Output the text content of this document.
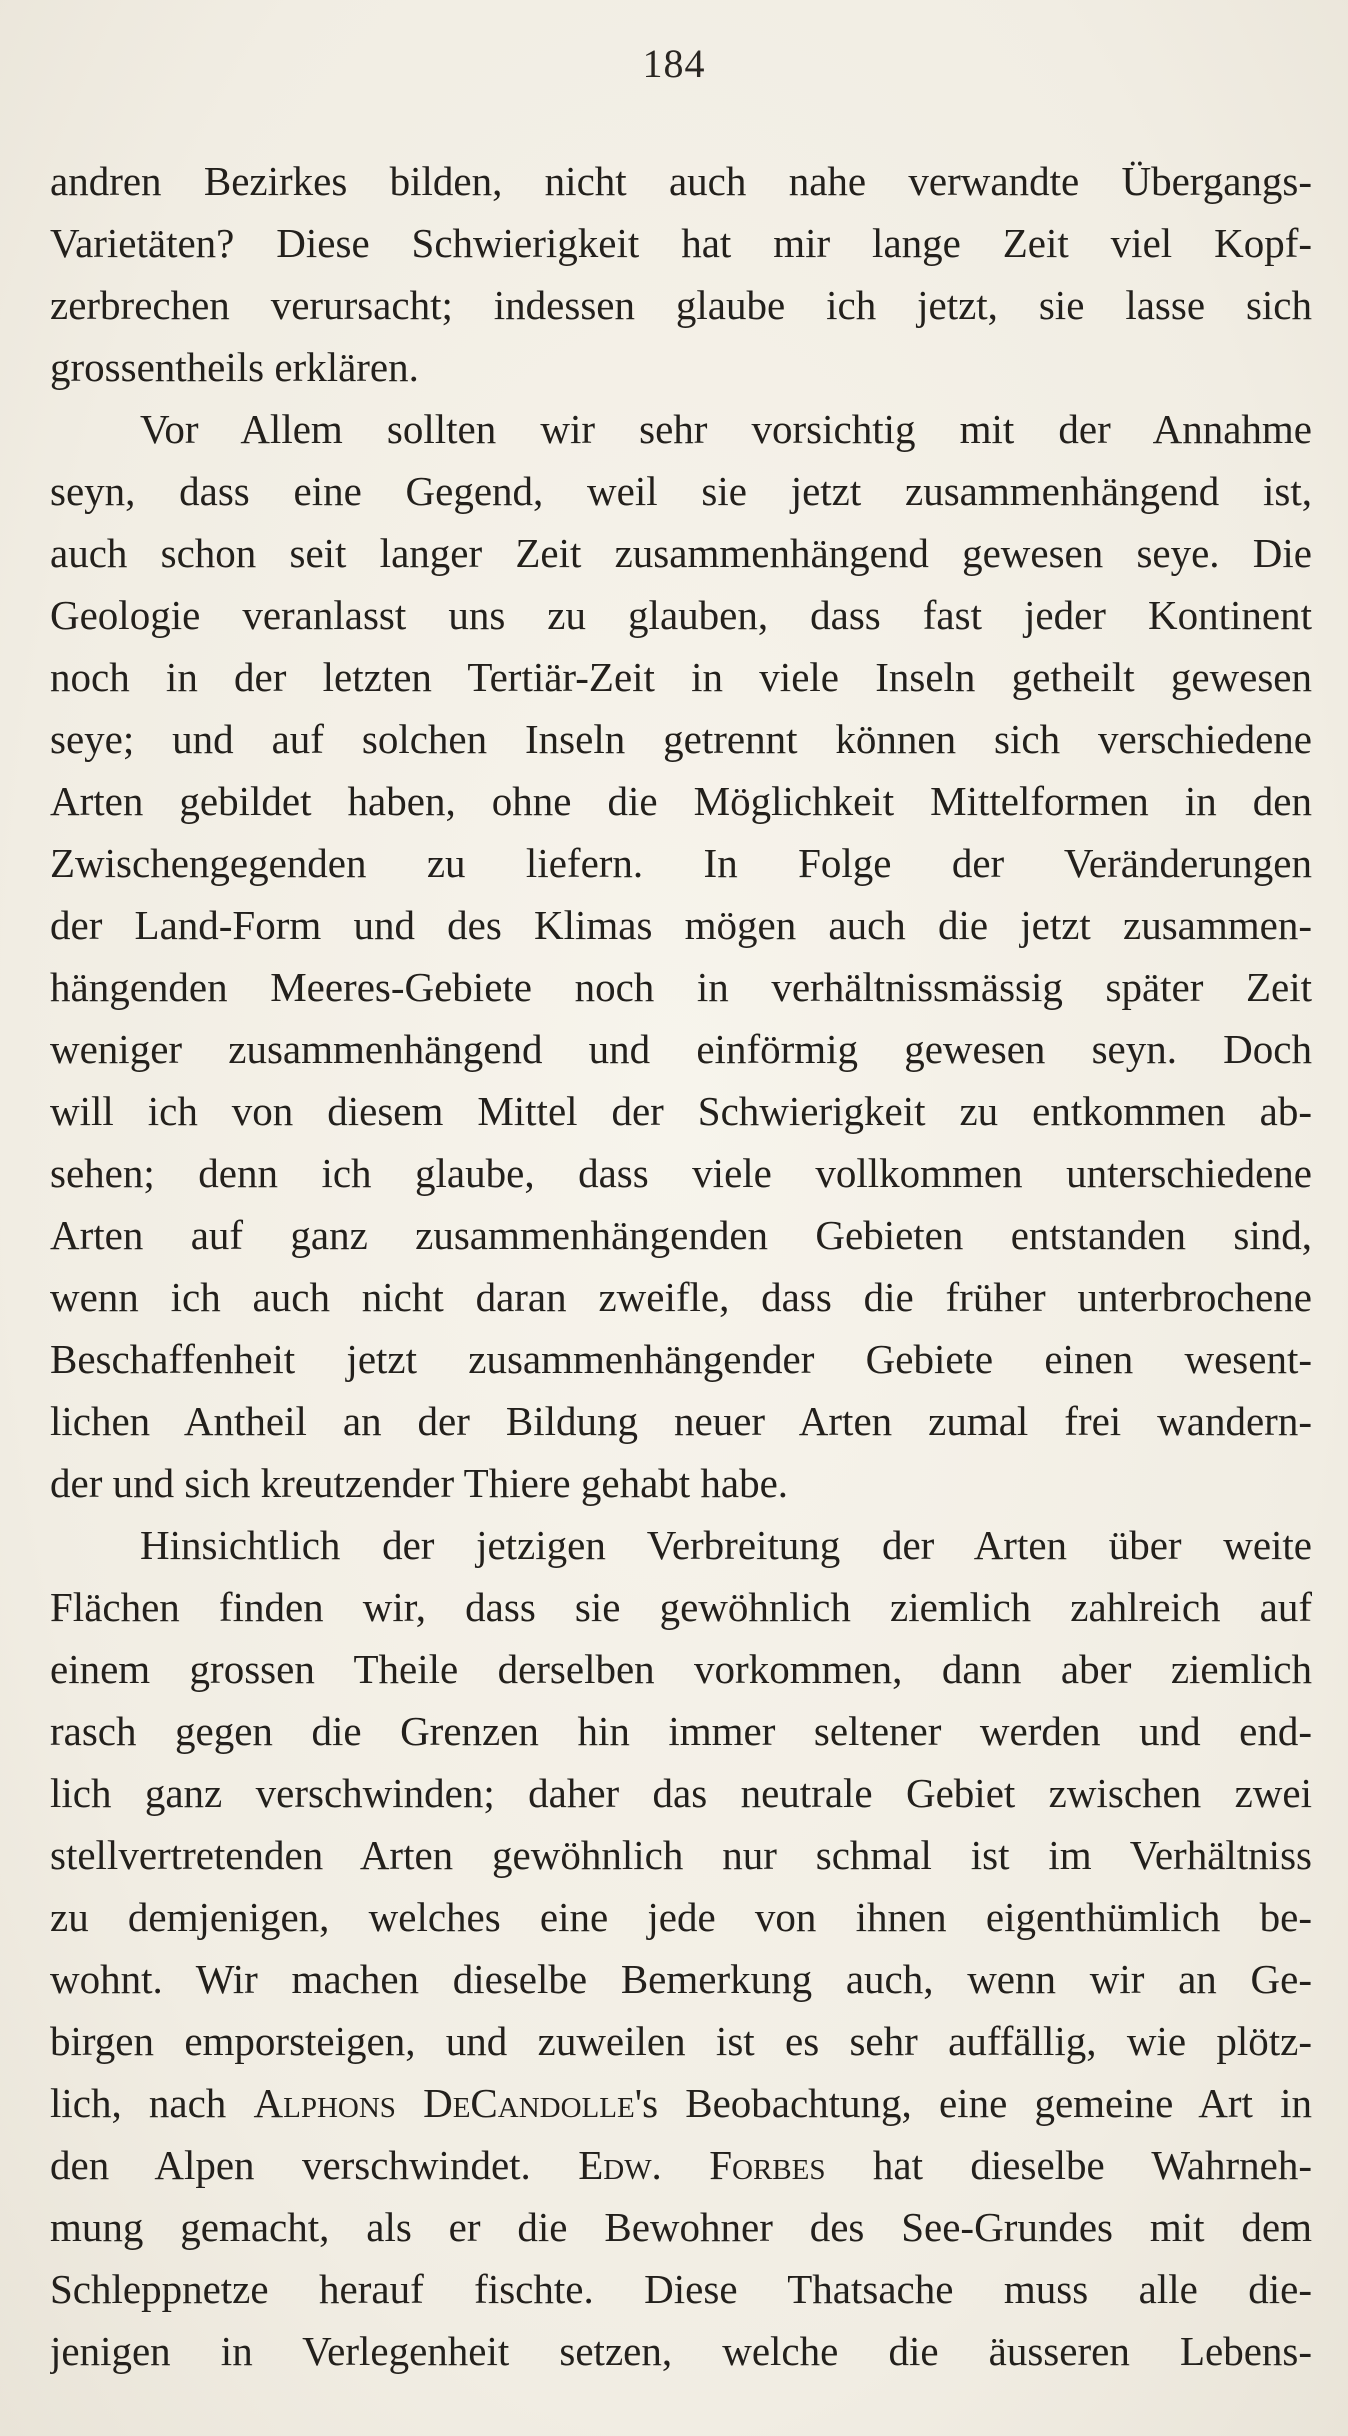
184
andren Bezirkes bilden, nicht auch nahe verwandte Übergangs-
Varietäten? Diese Schwierigkeit hat mir lange Zeit viel Kopf-
zerbrechen verursacht; indessen glaube ich jetzt, sie lasse sich
grossentheils erklären.
Vor Allem sollten wir sehr vorsichtig mit der Annahme
seyn, dass eine Gegend, weil sie jetzt zusammenhängend ist,
auch schon seit langer Zeit zusammenhängend gewesen seye. Die
Geologie veranlasst uns zu glauben, dass fast jeder Kontinent
noch in der letzten Tertiär-Zeit in viele Inseln getheilt gewesen
seye; und auf solchen Inseln getrennt können sich verschiedene
Arten gebildet haben, ohne die Möglichkeit Mittelformen in den
Zwischengegenden zu liefern. In Folge der Veränderungen
der Land-Form und des Klimas mögen auch die jetzt zusammen-
hängenden Meeres-Gebiete noch in verhältnissmässig später Zeit
weniger zusammenhängend und einförmig gewesen seyn. Doch
will ich von diesem Mittel der Schwierigkeit zu entkommen ab-
sehen; denn ich glaube, dass viele vollkommen unterschiedene
Arten auf ganz zusammenhängenden Gebieten entstanden sind,
wenn ich auch nicht daran zweifle, dass die früher unterbrochene
Beschaffenheit jetzt zusammenhängender Gebiete einen wesent-
lichen Antheil an der Bildung neuer Arten zumal frei wandern-
der und sich kreutzender Thiere gehabt habe.
Hinsichtlich der jetzigen Verbreitung der Arten über weite
Flächen finden wir, dass sie gewöhnlich ziemlich zahlreich auf
einem grossen Theile derselben vorkommen, dann aber ziemlich
rasch gegen die Grenzen hin immer seltener werden und end-
lich ganz verschwinden; daher das neutrale Gebiet zwischen zwei
stellvertretenden Arten gewöhnlich nur schmal ist im Verhältniss
zu demjenigen, welches eine jede von ihnen eigenthümlich be-
wohnt. Wir machen dieselbe Bemerkung auch, wenn wir an Ge-
birgen emporsteigen, und zuweilen ist es sehr auffällig, wie plötz-
lich, nach Alphons DeCandolle's Beobachtung, eine gemeine Art in
den Alpen verschwindet. Edw. Forbes hat dieselbe Wahrneh-
mung gemacht, als er die Bewohner des See-Grundes mit dem
Schleppnetze herauf fischte. Diese Thatsache muss alle die-
jenigen in Verlegenheit setzen, welche die äusseren Lebens-
